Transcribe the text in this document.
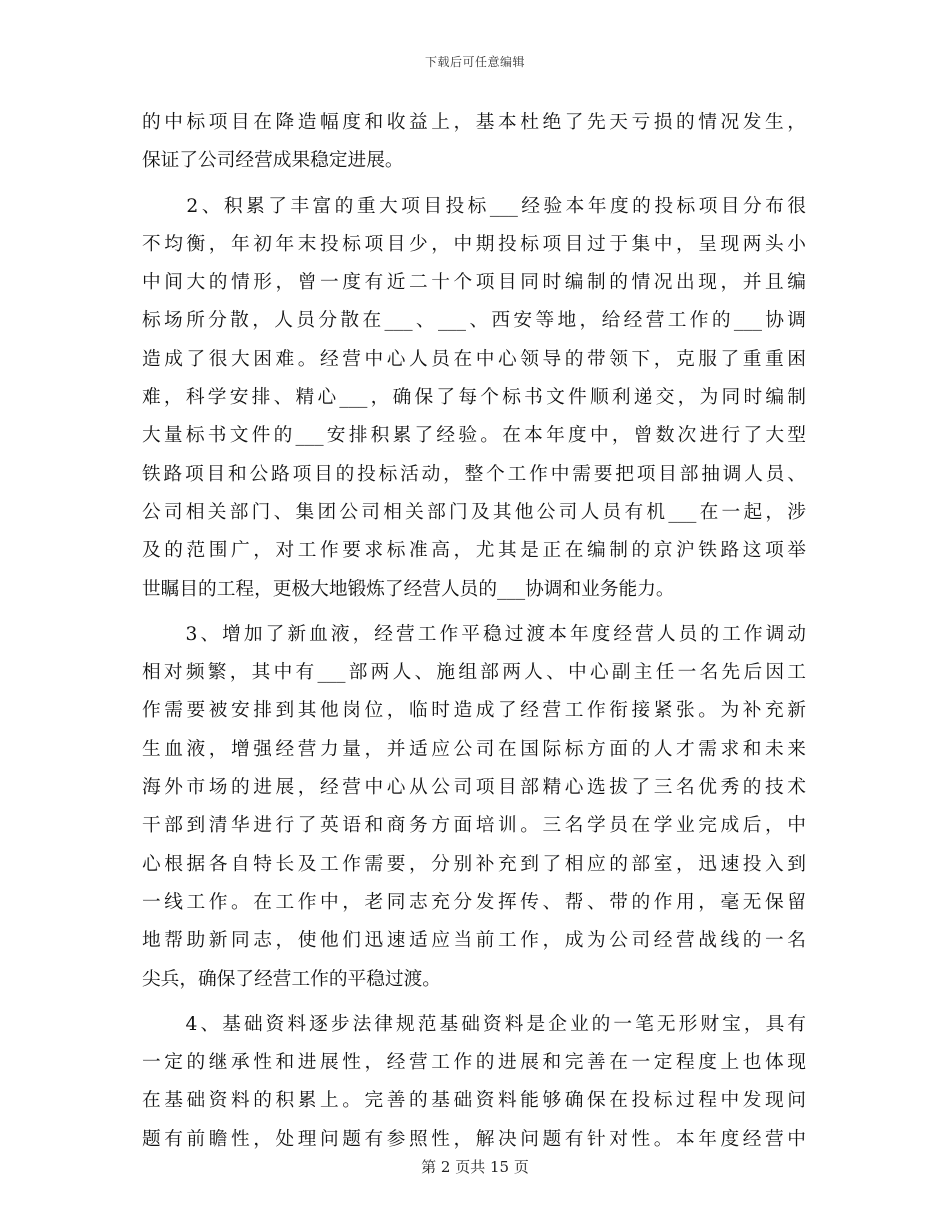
下载后可任意编辑
的中标项目在降造幅度和收益上，基本杜绝了先天亏损的情况发生，
保证了公司经营成果稳定进展。
　　2、积累了丰富的重大项目投标___经验本年度的投标项目分布很
不均衡，年初年末投标项目少，中期投标项目过于集中，呈现两头小
中间大的情形，曾一度有近二十个项目同时编制的情况出现，并且编
标场所分散，人员分散在___、___、西安等地，给经营工作的___协调
造成了很大困难。经营中心人员在中心领导的带领下，克服了重重困
难，科学安排、精心___，确保了每个标书文件顺利递交，为同时编制
大量标书文件的___安排积累了经验。在本年度中，曾数次进行了大型
铁路项目和公路项目的投标活动，整个工作中需要把项目部抽调人员、
公司相关部门、集团公司相关部门及其他公司人员有机___在一起，涉
及的范围广，对工作要求标准高，尤其是正在编制的京沪铁路这项举
世瞩目的工程，更极大地锻炼了经营人员的___协调和业务能力。
　　3、增加了新血液，经营工作平稳过渡本年度经营人员的工作调动
相对频繁，其中有___部两人、施组部两人、中心副主任一名先后因工
作需要被安排到其他岗位，临时造成了经营工作衔接紧张。为补充新
生血液，增强经营力量，并适应公司在国际标方面的人才需求和未来
海外市场的进展，经营中心从公司项目部精心选拔了三名优秀的技术
干部到清华进行了英语和商务方面培训。三名学员在学业完成后，中
心根据各自特长及工作需要，分别补充到了相应的部室，迅速投入到
一线工作。在工作中，老同志充分发挥传、帮、带的作用，毫无保留
地帮助新同志，使他们迅速适应当前工作，成为公司经营战线的一名
尖兵，确保了经营工作的平稳过渡。
　　4、基础资料逐步法律规范基础资料是企业的一笔无形财宝，具有
一定的继承性和进展性，经营工作的进展和完善在一定程度上也体现
在基础资料的积累上。完善的基础资料能够确保在投标过程中发现问
题有前瞻性，处理问题有参照性，解决问题有针对性。本年度经营中
第 2 页共 15 页
